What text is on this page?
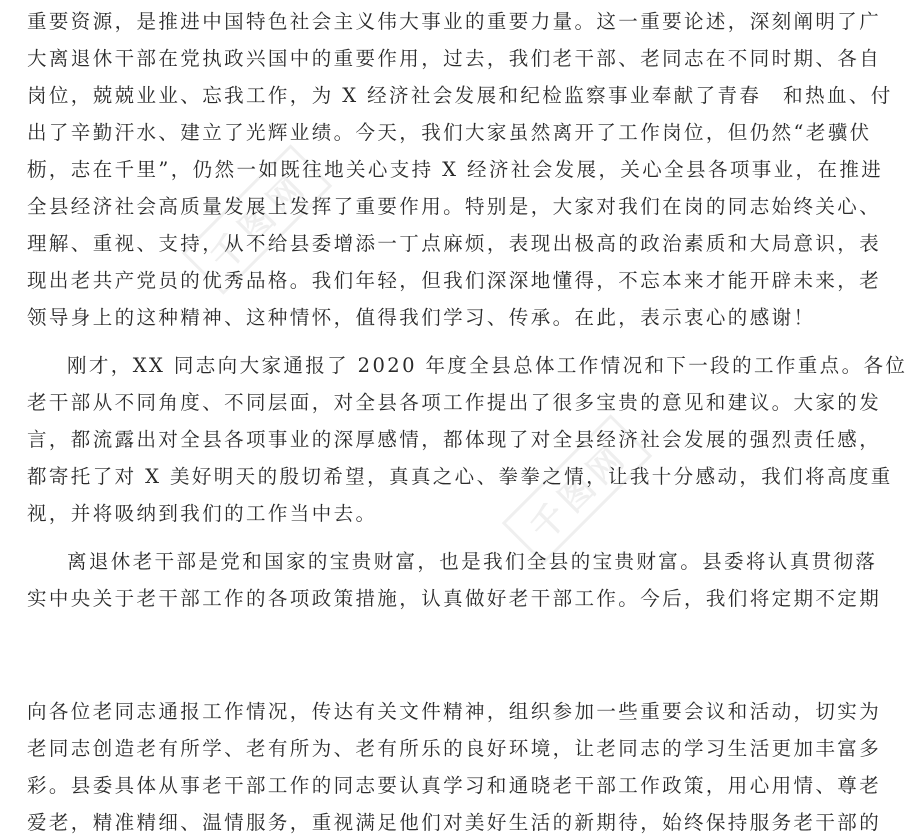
重要资源，是推进中国特色社会主义伟大事业的重要力量。这一重要论述，深刻阐明了广
大离退休干部在党执政兴国中的重要作用，过去，我们老干部、老同志在不同时期、各自
岗位，兢兢业业、忘我工作，为 X 经济社会发展和纪检监察事业奉献了青春　和热血、付
出了辛勤汗水、建立了光辉业绩。今天，我们大家虽然离开了工作岗位，但仍然“老骥伏
枥，志在千里”，仍然一如既往地关心支持 X 经济社会发展，关心全县各项事业，在推进
全县经济社会高质量发展上发挥了重要作用。特别是，大家对我们在岗的同志始终关心、
理解、重视、支持，从不给县委增添一丁点麻烦，表现出极高的政治素质和大局意识，表
现出老共产党员的优秀品格。我们年轻，但我们深深地懂得，不忘本来才能开辟未来，老
领导身上的这种精神、这种情怀，值得我们学习、传承。在此，表示衷心的感谢！
刚才，XX 同志向大家通报了 2020 年度全县总体工作情况和下一段的工作重点。各位
老干部从不同角度、不同层面，对全县各项工作提出了很多宝贵的意见和建议。大家的发
言，都流露出对全县各项事业的深厚感情，都体现了对全县经济社会发展的强烈责任感，
都寄托了对 X 美好明天的殷切希望，真真之心、拳拳之情，让我十分感动，我们将高度重
视，并将吸纳到我们的工作当中去。
离退休老干部是党和国家的宝贵财富，也是我们全县的宝贵财富。县委将认真贯彻落
实中央关于老干部工作的各项政策措施，认真做好老干部工作。今后，我们将定期不定期
千图网
千图网
向各位老同志通报工作情况，传达有关文件精神，组织参加一些重要会议和活动，切实为
老同志创造老有所学、老有所为、老有所乐的良好环境，让老同志的学习生活更加丰富多
彩。县委具体从事老干部工作的同志要认真学习和通晓老干部工作政策，用心用情、尊老
爱老，精准精细、温情服务，重视满足他们对美好生活的新期待，始终保持服务老干部的
